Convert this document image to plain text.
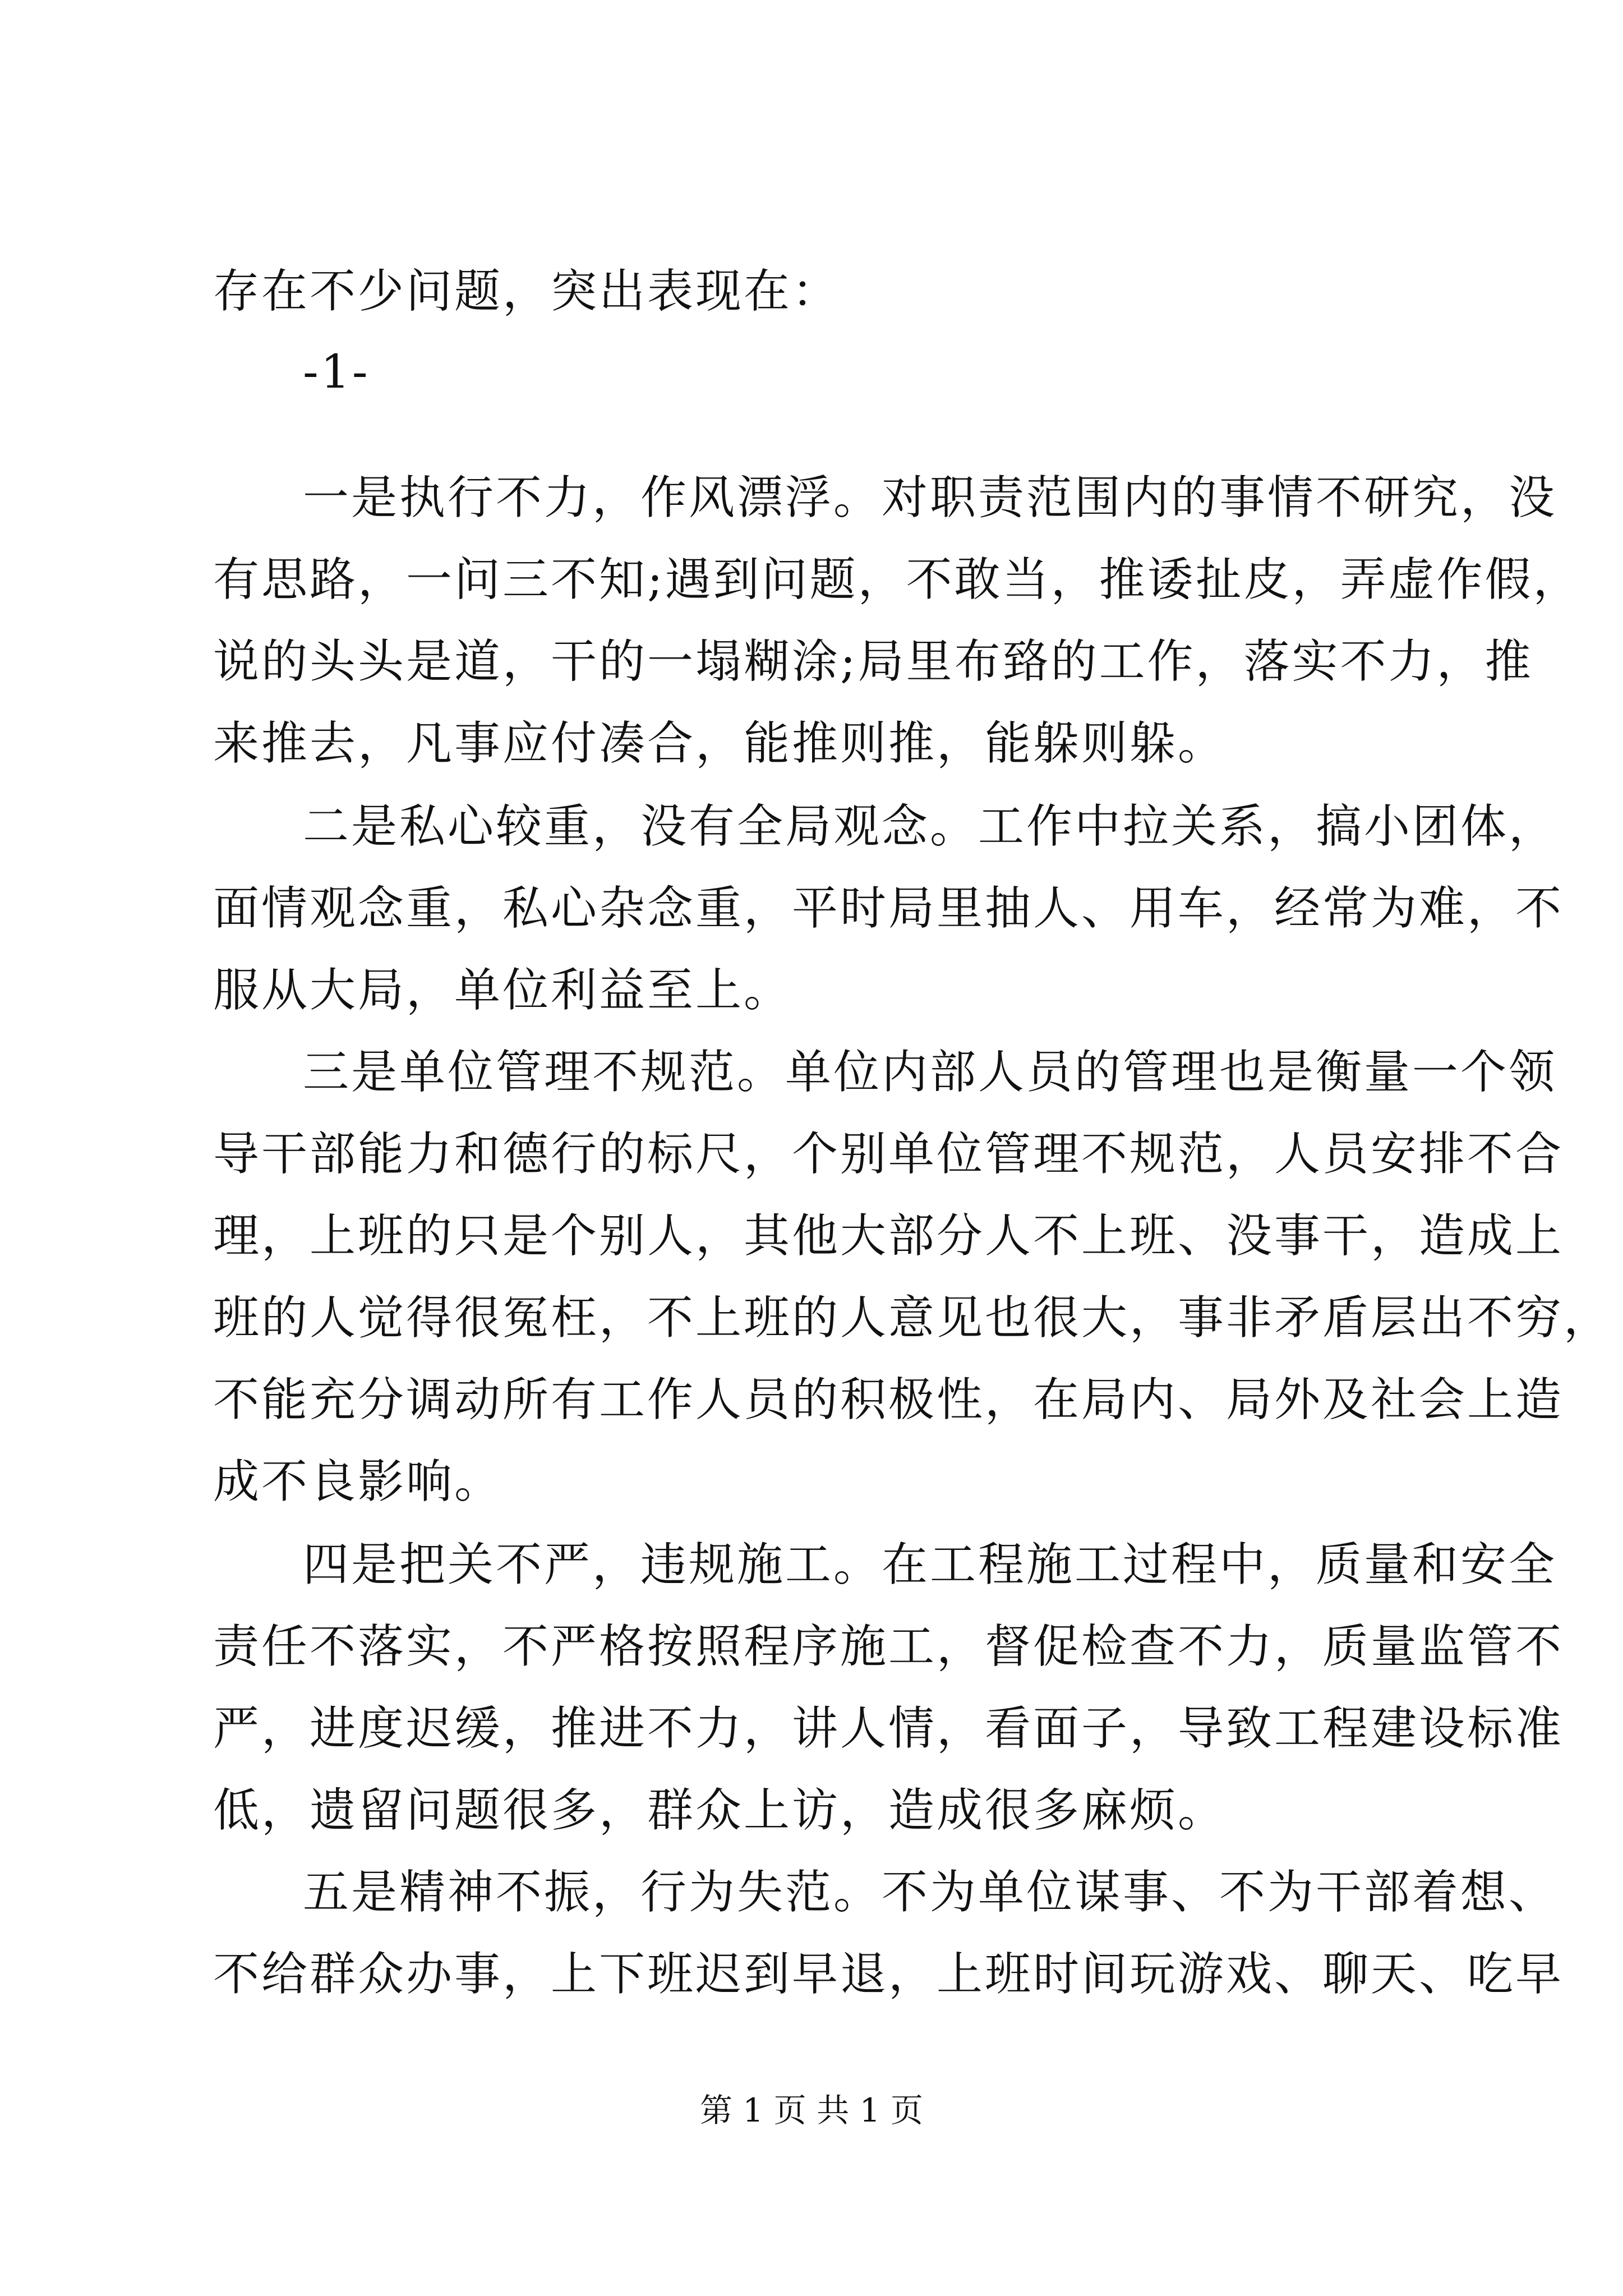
存在不少问题，突出表现在：
-1-
一是执行不力，作风漂浮。对职责范围内的事情不研究，没
有思路，一问三不知;遇到问题，不敢当，推诿扯皮，弄虚作假，
说的头头是道，干的一塌糊涂;局里布臵的工作，落实不力，推
来推去，凡事应付凑合，能推则推，能躲则躲。
二是私心较重，没有全局观念。工作中拉关系，搞小团体，
面情观念重，私心杂念重，平时局里抽人、用车，经常为难，不
服从大局，单位利益至上。
三是单位管理不规范。单位内部人员的管理也是衡量一个领
导干部能力和德行的标尺，个别单位管理不规范，人员安排不合
理，上班的只是个别人，其他大部分人不上班、没事干，造成上
班的人觉得很冤枉，不上班的人意见也很大，事非矛盾层出不穷，
不能充分调动所有工作人员的积极性，在局内、局外及社会上造
成不良影响。
四是把关不严，违规施工。在工程施工过程中，质量和安全
责任不落实，不严格按照程序施工，督促检查不力，质量监管不
严，进度迟缓，推进不力，讲人情，看面子，导致工程建设标准
低，遗留问题很多，群众上访，造成很多麻烦。
五是精神不振，行为失范。不为单位谋事、不为干部着想、
不给群众办事，上下班迟到早退，上班时间玩游戏、聊天、吃早
第 1 页 共 1 页
